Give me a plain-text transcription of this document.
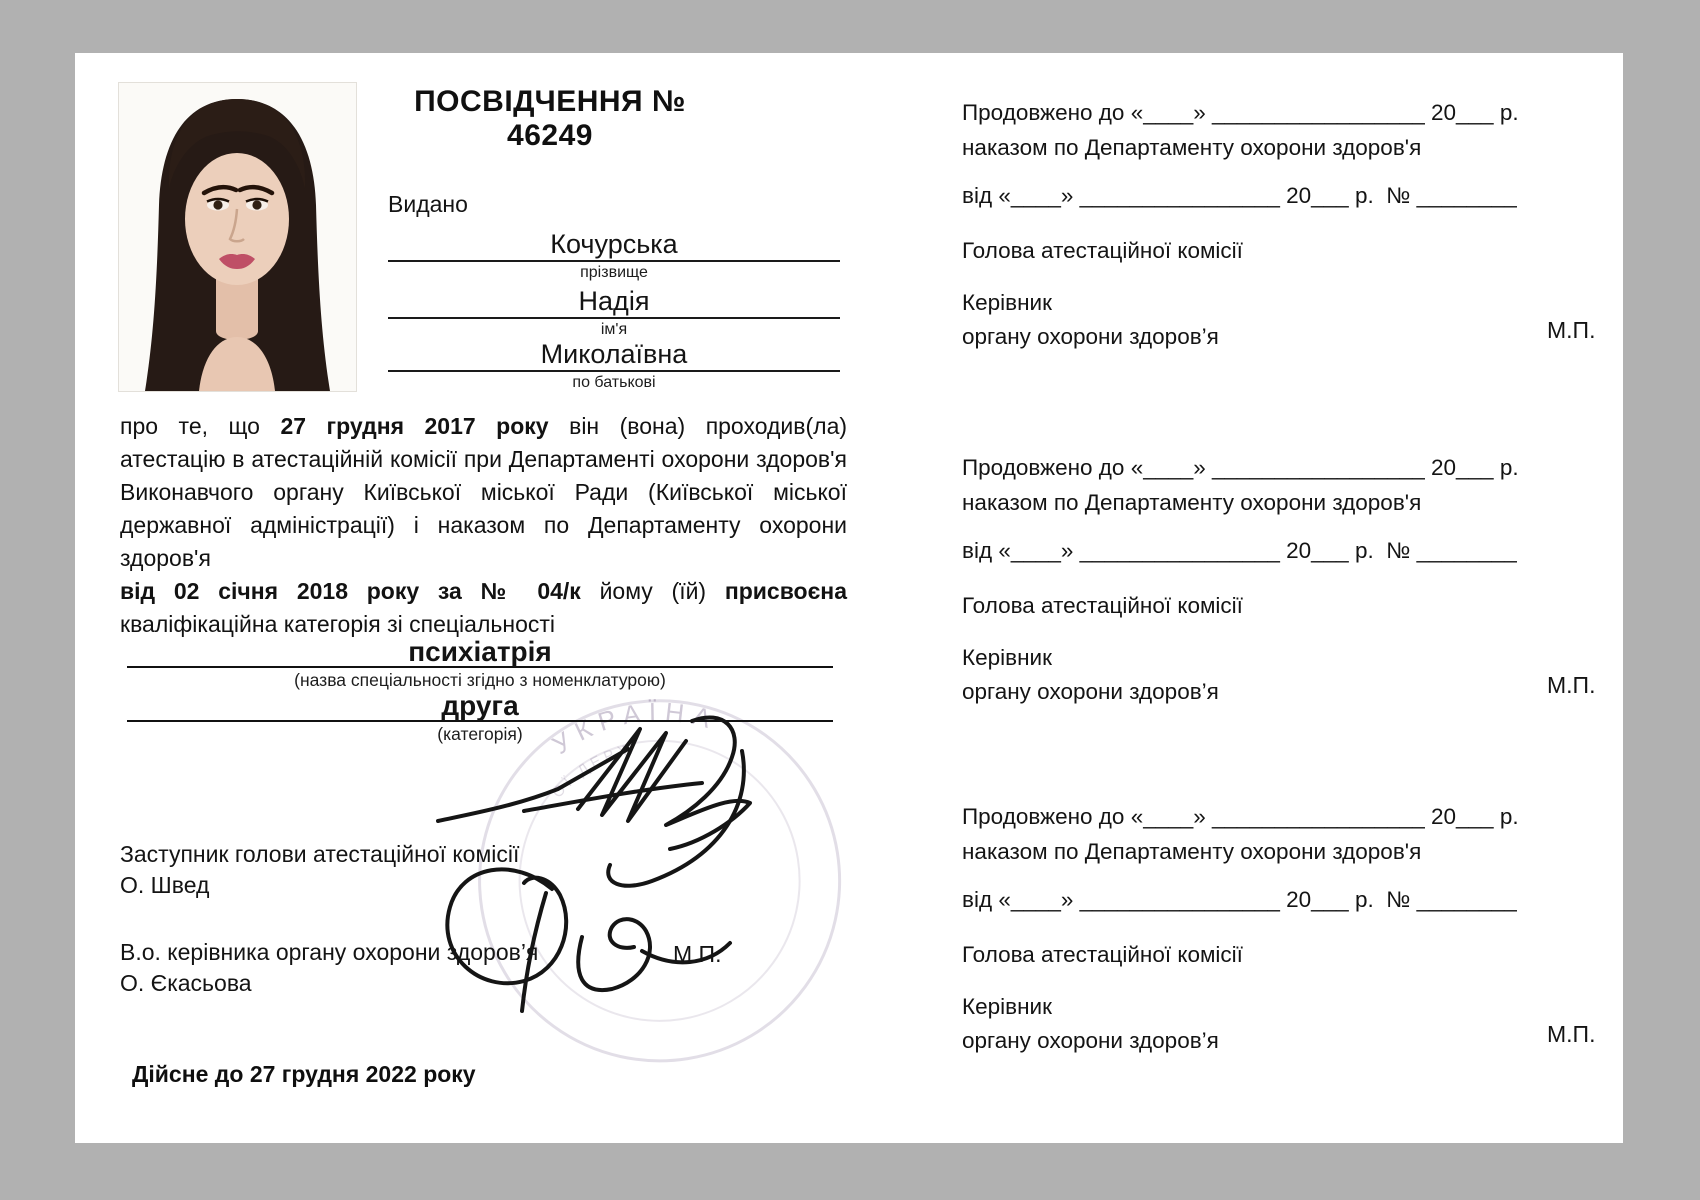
ПОСВІДЧЕННЯ № 46249
Видано
Кочурська
прізвище
Надія
ім'я
Миколаївна
по батькові
УКРАЇНА
ОЇ ДЕРЖ
про те, що 27 грудня 2017 року він (вона) проходив(ла)
атестацію в атестаційній комісії при Департаменті охорони здоров'я
Виконавчого органу Київської міської Ради (Київської міської
державної адміністрації) і наказом по Департаменту охорони здоров'я
від 02 січня 2018 року за № 04/к йому (їй) присвоєна
кваліфікаційна категорія зі спеціальності
психіатрія
(назва спеціальності згідно з номенклатурою)
друга
(категорія)
Заступник голови атестаційної комісії
О. Швед
В.о. керівника органу охорони здоров’я
О. Єкасьова
М.П.
Дійсне до 27 грудня 2022 року
Продовжено до «____» _________________ 20___ р.
наказом по Департаменту охорони здоров'я
від «____» ________________ 20___ р.  № ________
Голова атестаційної комісії
Керівник
органу охорони здоров’я	М.П.
Продовжено до «____» _________________ 20___ р.
наказом по Департаменту охорони здоров'я
від «____» ________________ 20___ р.  № ________
Голова атестаційної комісії
Керівник
органу охорони здоров’я	М.П.
Продовжено до «____» _________________ 20___ р.
наказом по Департаменту охорони здоров'я
від «____» ________________ 20___ р.  № ________
Голова атестаційної комісії
Керівник
органу охорони здоров’я	М.П.
